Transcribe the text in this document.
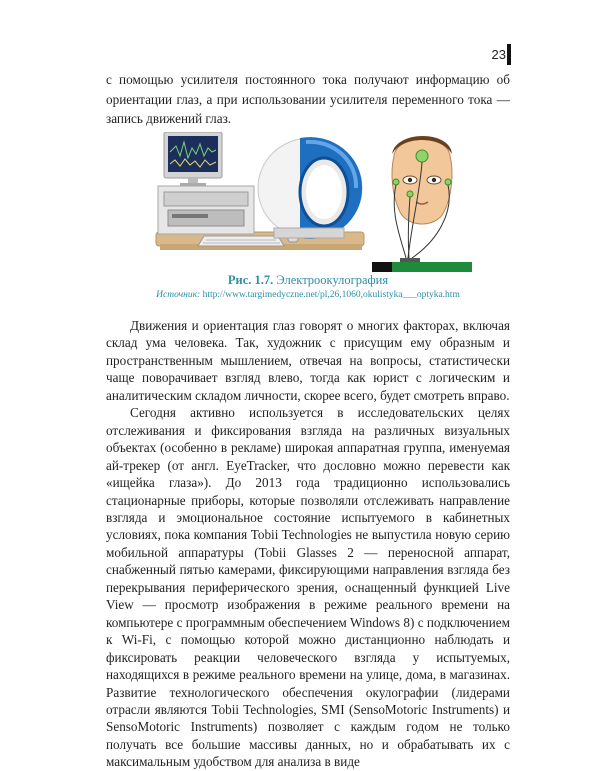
23

с помощью усилителя постоянного тока получают информацию об ориентации глаз, а при использовании усилителя переменного тока — запись движений глаз.

Рис. 1.7. Электроокулография
Источник: http://www.targimedyczne.net/pl,26,1060,okulistyka___optyka.htm

Движения и ориентация глаз говорят о многих факторах, включая склад ума человека. Так, художник с присущим ему образным и пространственным мышлением, отвечая на вопросы, статистически чаще поворачивает взгляд влево, тогда как юрист с логическим и аналитическим складом личности, скорее всего, будет смотреть вправо.

Сегодня активно используется в исследовательских целях отслеживания и фиксирования взгляда на различных визуальных объектах (особенно в рекламе) широкая аппаратная группа, именуемая ай-трекер (от англ. EyeTracker, что дословно можно перевести как «ищейка глаза»). До 2013 года традиционно использовались стационарные приборы, которые позволяли отслеживать направление взгляда и эмоциональное состояние испытуемого в кабинетных условиях, пока компания Tobii Technologies не выпустила новую серию мобильной аппаратуры (Tobii Glasses 2 — переносной аппарат, снабженный пятью камерами, фиксирующими направления взгляда без перекрывания периферического зрения, оснащенный функцией Live View — просмотр изображения в режиме реального времени на компьютере с программным обеспечением Windows 8) с подключением к Wi-Fi, с помощью которой можно дистанционно наблюдать и фиксировать реакции человеческого взгляда у испытуемых, находящихся в режиме реального времени на улице, дома, в магазинах. Развитие технологического обеспечения окулографии (лидерами отрасли являются Tobii Technologies, SMI (SensoMotoric Instruments) и SensoMotoric Instruments) позволяет с каждым годом не только получать все большие массивы данных, но и обрабатывать их с максимальным удобством для анализа в виде
